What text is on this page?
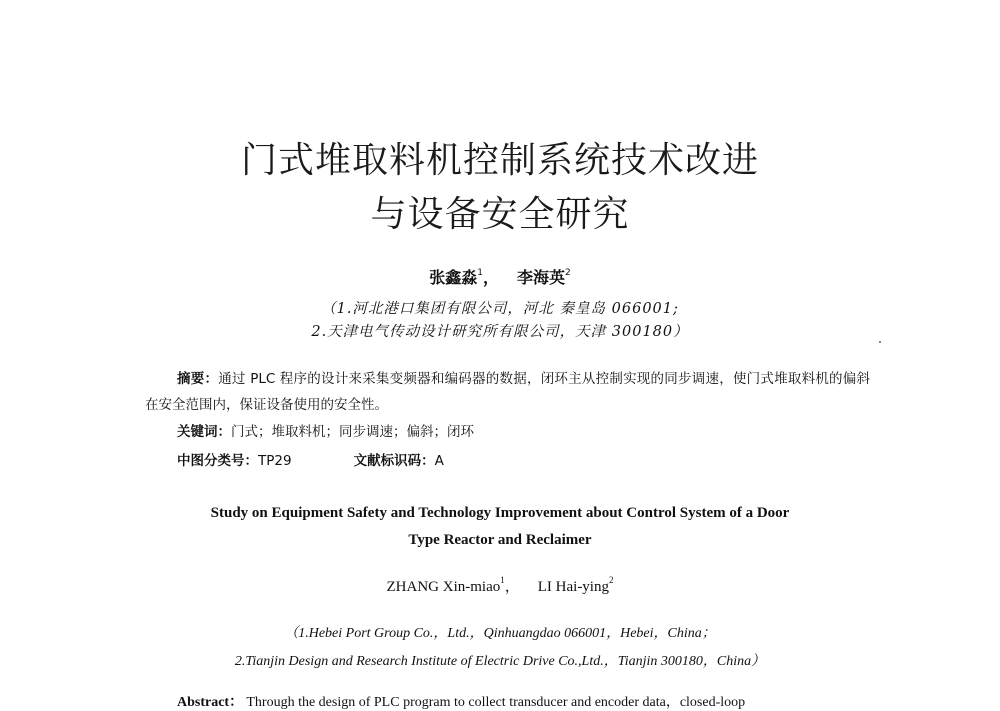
门式堆取料机控制系统技术改进
与设备安全研究
张鑫淼$^1$， 李海英$^2$
（1.河北港口集团有限公司，河北 秦皇岛 066001;
2.天津电气传动设计研究所有限公司，天津 300180）
摘要：通过 PLC 程序的设计来采集变频器和编码器的数据，闭环主从控制实现的同步调速，使门式堆取料机的偏斜在安全范围内，保证设备使用的安全性。
关键词：门式；堆取料机；同步调速；偏斜；闭环
中图分类号：TP29	文献标识码：A
Study on Equipment Safety and Technology Improvement about Control System of a Door
Type Reactor and Reclaimer
ZHANG Xin-miao$^1$， LI Hai-ying$^2$
（1.Hebei Port Group Co.，Ltd.，Qinhuangdao 066001，Hebei，China；
2.Tianjin Design and Research Institute of Electric Drive Co.,Ltd.，Tianjin 300180，China）
Abstract： Through the design of PLC program to collect transducer and encoder data，closed-loop
